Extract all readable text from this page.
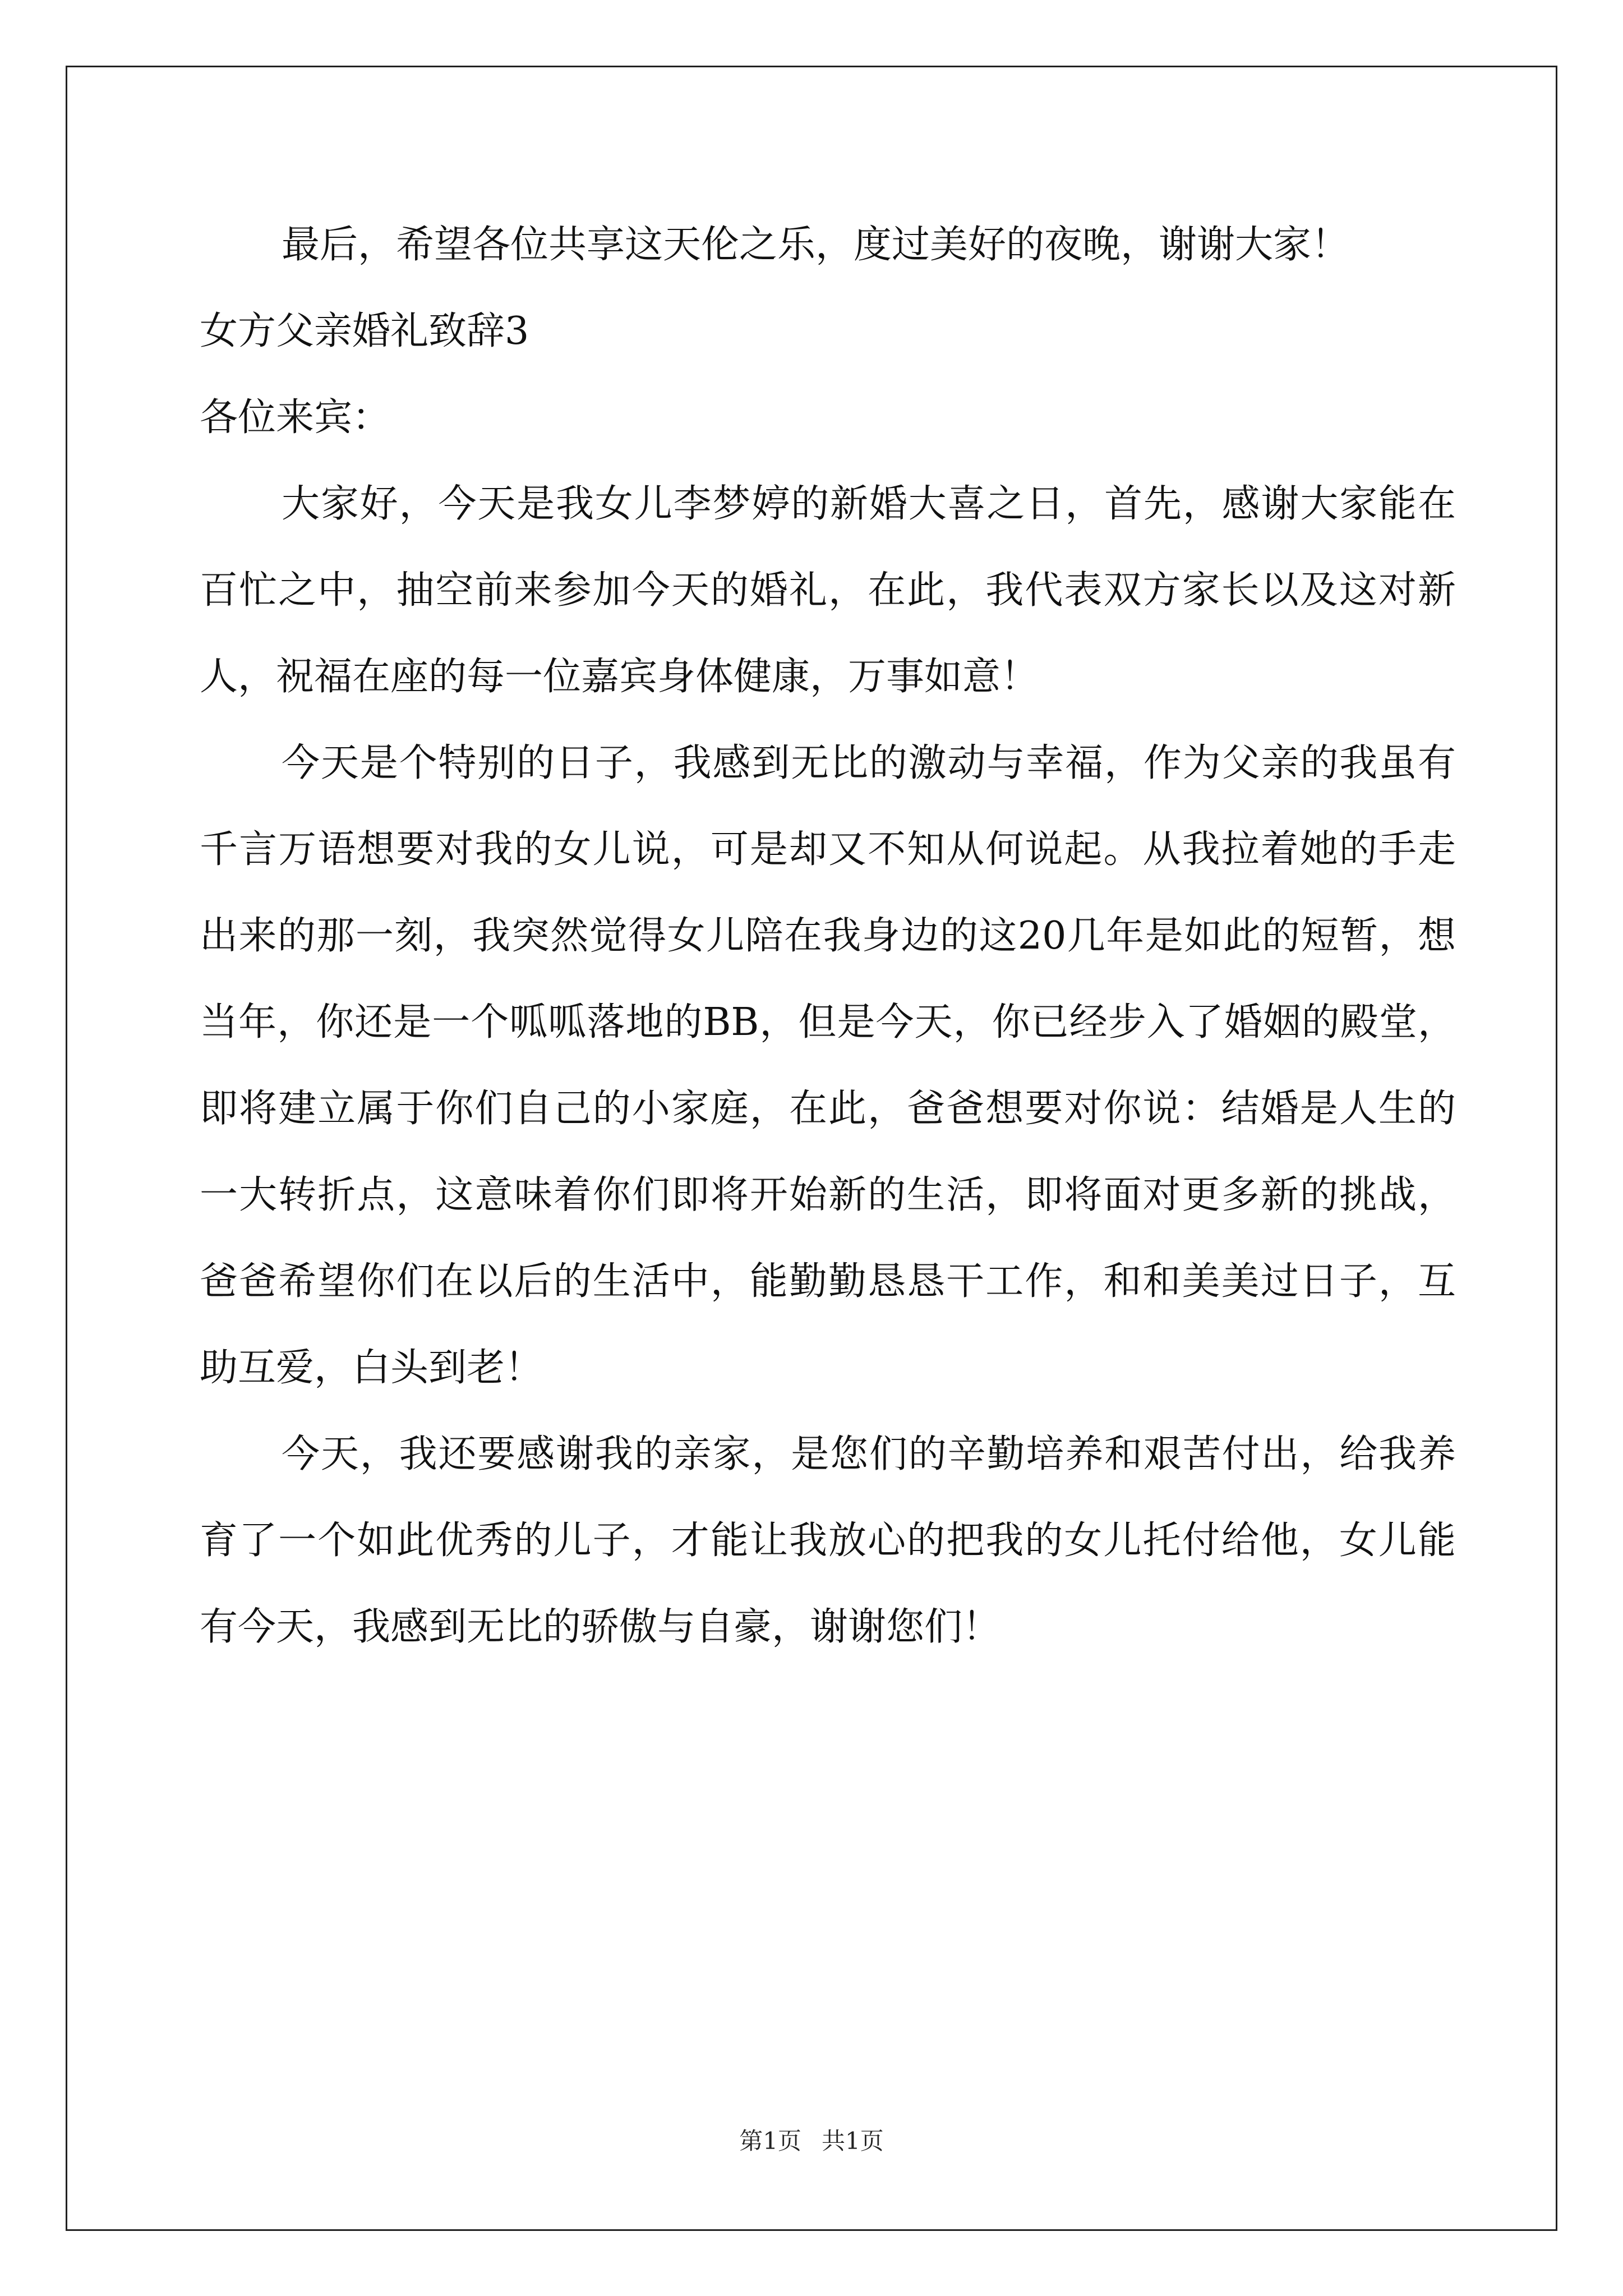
最后，希望各位共享这天伦之乐，度过美好的夜晚，谢谢大家！

女方父亲婚礼致辞3

各位来宾：

大家好，今天是我女儿李梦婷的新婚大喜之日，首先，感谢大家能在百忙之中，抽空前来参加今天的婚礼，在此，我代表双方家长以及这对新人，祝福在座的每一位嘉宾身体健康，万事如意！

今天是个特别的日子，我感到无比的激动与幸福，作为父亲的我虽有千言万语想要对我的女儿说，可是却又不知从何说起。从我拉着她的手走出来的那一刻，我突然觉得女儿陪在我身边的这20几年是如此的短暂，想当年，你还是一个呱呱落地的BB，但是今天，你已经步入了婚姻的殿堂，即将建立属于你们自己的小家庭，在此，爸爸想要对你说：结婚是人生的一大转折点，这意味着你们即将开始新的生活，即将面对更多新的挑战，爸爸希望你们在以后的生活中，能勤勤恳恳干工作，和和美美过日子，互助互爱，白头到老！

今天，我还要感谢我的亲家，是您们的辛勤培养和艰苦付出，给我养育了一个如此优秀的儿子，才能让我放心的把我的女儿托付给他，女儿能有今天，我感到无比的骄傲与自豪，谢谢您们！

第1页 共1页
